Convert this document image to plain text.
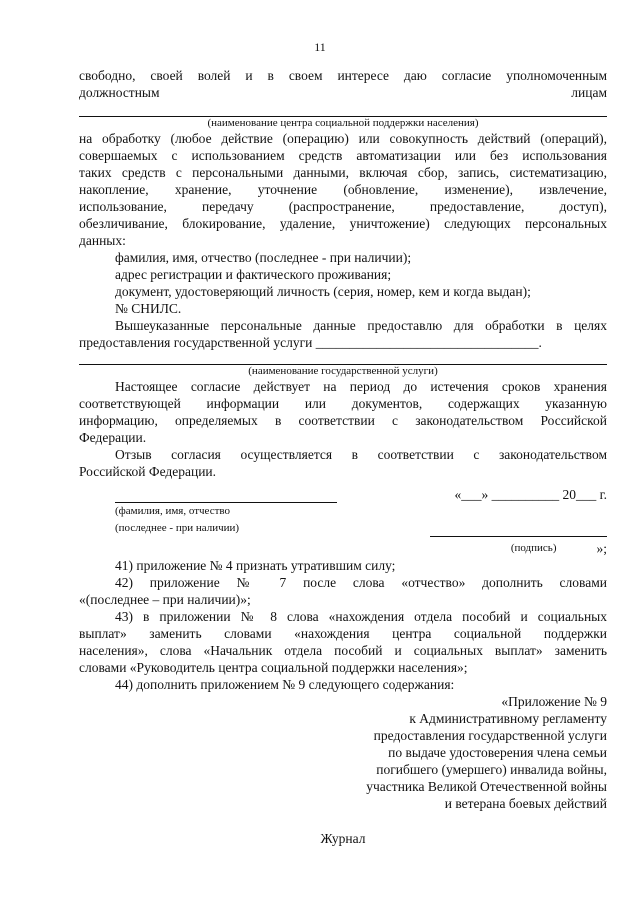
11

свободно, своей волей и в своем интересе даю согласие уполномоченным

должностным	лицам

(наименование центра социальной поддержки населения)

на обработку (любое действие (операцию) или совокупность действий (операций),

совершаемых с использованием средств автоматизации или без использования

таких средств с персональными данными, включая сбор, запись, систематизацию,

накопление, хранение, уточнение (обновление, изменение), извлечение,

использование, передачу (распространение, предоставление, доступ),

обезличивание, блокирование, удаление, уничтожение) следующих персональных

данных:

фамилия, имя, отчество (последнее - при наличии);

адрес регистрации и фактического проживания;

документ, удостоверяющий личность (серия, номер, кем и когда выдан);

№ СНИЛС.

Вышеуказанные персональные данные предоставлю для обработки в целях

предоставления государственной услуги _________________________________.

(наименование государственной услуги)

Настоящее согласие действует на период до истечения сроков хранения

соответствующей информации или документов, содержащих указанную

информацию, определяемых в соответствии с законодательством Российской

Федерации.

Отзыв согласия осуществляется в соответствии с законодательством

Российской Федерации.

«___» __________ 20___ г.

(фамилия, имя, отчество

(последнее - при наличии)
(подпись)	»;

41) приложение № 4 признать утратившим силу;

42) приложение № 7 после слова «отчество» дополнить словами

«(последнее – при наличии)»;

43) в приложении № 8 слова «нахождения отдела пособий и социальных

выплат» заменить словами «нахождения центра социальной поддержки

населения», слова «Начальник отдела пособий и социальных выплат» заменить

словами «Руководитель центра социальной поддержки населения»;

44) дополнить приложением № 9 следующего содержания:

«Приложение № 9

к Административному регламенту

предоставления государственной услуги

по выдаче удостоверения члена семьи

погибшего (умершего) инвалида войны,

участника Великой Отечественной войны

и ветерана боевых действий

Журнал
